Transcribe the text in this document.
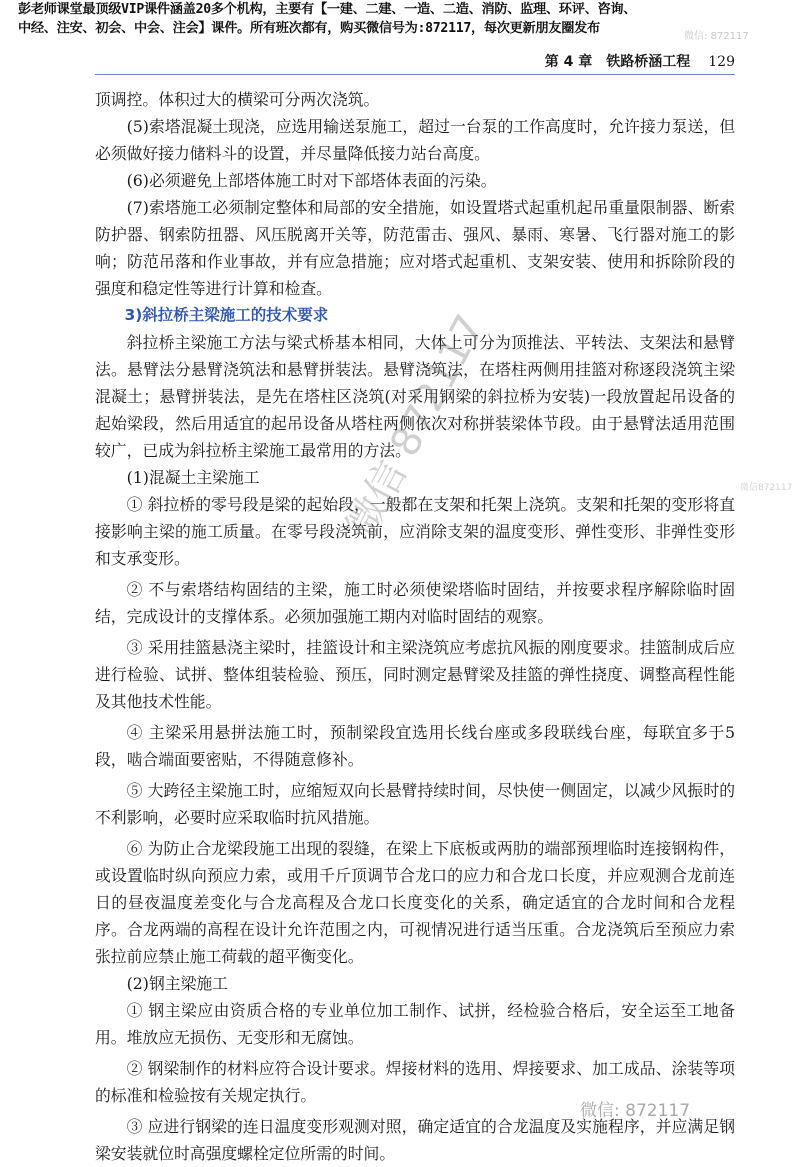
彭老师课堂最顶级VIP课件涵盖20多个机构，主要有【一建、二建、一造、二造、消防、监理、环评、咨询、
中经、注安、初会、中会、注会】课件。所有班次都有，购买微信号为:872117，每次更新朋友圈发布
微信: 872117
第 4 章　铁路桥涵工程 129

顶调控。体积过大的横梁可分两次浇筑。

(5)索塔混凝土现浇，应选用输送泵施工，超过一台泵的工作高度时，允许接力泵送，但必须做好接力储料斗的设置，并尽量降低接力站台高度。

(6)必须避免上部塔体施工时对下部塔体表面的污染。

(7)索塔施工必须制定整体和局部的安全措施，如设置塔式起重机起吊重量限制器、断索防护器、钢索防扭器、风压脱离开关等，防范雷击、强风、暴雨、寒暑、飞行器对施工的影响；防范吊落和作业事故，并有应急措施；应对塔式起重机、支架安装、使用和拆除阶段的强度和稳定性等进行计算和检查。

3)斜拉桥主梁施工的技术要求

斜拉桥主梁施工方法与梁式桥基本相同，大体上可分为顶推法、平转法、支架法和悬臂法。悬臂法分悬臂浇筑法和悬臂拼装法。悬臂浇筑法，在塔柱两侧用挂篮对称逐段浇筑主梁混凝土；悬臂拼装法，是先在塔柱区浇筑(对采用钢梁的斜拉桥为安装)一段放置起吊设备的起始梁段，然后用适宜的起吊设备从塔柱两侧依次对称拼装梁体节段。由于悬臂法适用范围较广，已成为斜拉桥主梁施工最常用的方法。

(1)混凝土主梁施工

① 斜拉桥的零号段是梁的起始段，一般都在支架和托架上浇筑。支架和托架的变形将直接影响主梁的施工质量。在零号段浇筑前，应消除支架的温度变形、弹性变形、非弹性变形和支承变形。

② 不与索塔结构固结的主梁，施工时必须使梁塔临时固结，并按要求程序解除临时固结，完成设计的支撑体系。必须加强施工期内对临时固结的观察。

③ 采用挂篮悬浇主梁时，挂篮设计和主梁浇筑应考虑抗风振的刚度要求。挂篮制成后应进行检验、试拼、整体组装检验、预压，同时测定悬臂梁及挂篮的弹性挠度、调整高程性能及其他技术性能。

④ 主梁采用悬拼法施工时，预制梁段宜选用长线台座或多段联线台座，每联宜多于5段，啮合端面要密贴，不得随意修补。

⑤ 大跨径主梁施工时，应缩短双向长悬臂持续时间，尽快使一侧固定，以减少风振时的不利影响，必要时应采取临时抗风措施。

⑥ 为防止合龙梁段施工出现的裂缝，在梁上下底板或两肋的端部预埋临时连接钢构件，或设置临时纵向预应力索，或用千斤顶调节合龙口的应力和合龙口长度，并应观测合龙前连日的昼夜温度差变化与合龙高程及合龙口长度变化的关系，确定适宜的合龙时间和合龙程序。合龙两端的高程在设计允许范围之内，可视情况进行适当压重。合龙浇筑后至预应力索张拉前应禁止施工荷载的超平衡变化。

(2)钢主梁施工

① 钢主梁应由资质合格的专业单位加工制作、试拼，经检验合格后，安全运至工地备用。堆放应无损伤、无变形和无腐蚀。

② 钢梁制作的材料应符合设计要求。焊接材料的选用、焊接要求、加工成品、涂装等项的标准和检验按有关规定执行。

③ 应进行钢梁的连日温度变形观测对照，确定适宜的合龙温度及实施程序，并应满足钢梁安装就位时高强度螺栓定位所需的时间。

微信 872117	微信872117
微信: 872117
